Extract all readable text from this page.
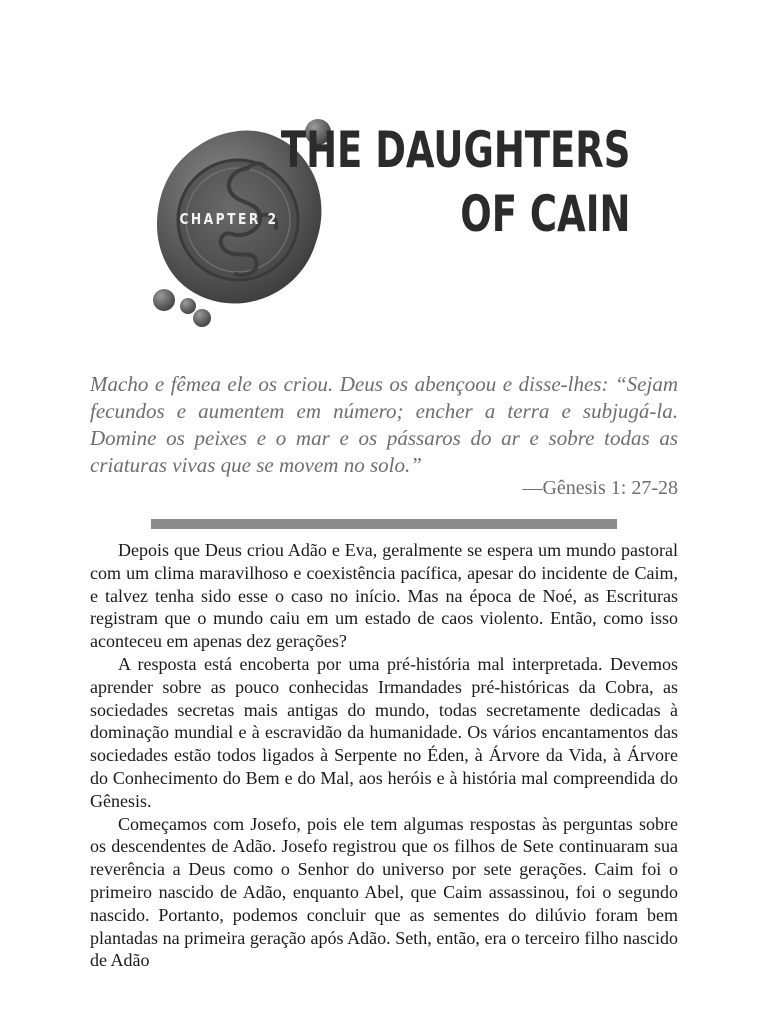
CHAPTER 2
THE DAUGHTERS
OF CAIN
Macho e fêmea ele os criou. Deus os abençoou e disse-lhes: “Sejam fecundos e aumentem em número; encher a terra e subjugá-la. Domine os peixes e o mar e os pássaros do ar e sobre todas as criaturas vivas que se movem no solo.”
—Gênesis 1: 27-28

Depois que Deus criou Adão e Eva, geralmente se espera um mundo pastoral com um clima maravilhoso e coexistência pacífica, apesar do incidente de Caim, e talvez tenha sido esse o caso no início. Mas na época de Noé, as Escrituras registram que o mundo caiu em um estado de caos violento. Então, como isso aconteceu em apenas dez gerações?

A resposta está encoberta por uma pré-história mal interpretada. Devemos aprender sobre as pouco conhecidas Irmandades pré-históricas da Cobra, as sociedades secretas mais antigas do mundo, todas secretamente dedicadas à dominação mundial e à escravidão da humanidade. Os vários encantamentos das sociedades estão todos ligados à Serpente no Éden, à Árvore da Vida, à Árvore do Conhecimento do Bem e do Mal, aos heróis e à história mal compreendida do Gênesis.

Começamos com Josefo, pois ele tem algumas respostas às perguntas sobre os descendentes de Adão. Josefo registrou que os filhos de Sete continuaram sua reverência a Deus como o Senhor do universo por sete gerações. Caim foi o primeiro nascido de Adão, enquanto Abel, que Caim assassinou, foi o segundo nascido. Portanto, podemos concluir que as sementes do dilúvio foram bem plantadas na primeira geração após Adão. Seth, então, era o terceiro filho nascido de Adão
